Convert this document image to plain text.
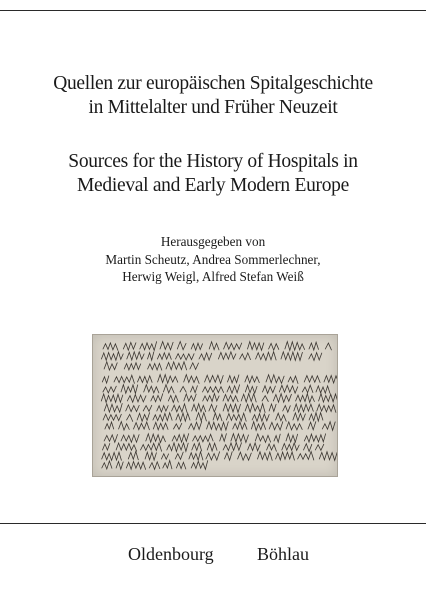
Quellen zur europäischen Spitalgeschichte
in Mittelalter und Früher Neuzeit
Sources for the History of Hospitals in
Medieval and Early Modern Europe
Herausgegeben von
Martin Scheutz, Andrea Sommerlechner,
Herwig Weigl, Alfred Stefan Weiß
Oldenbourg Böhlau
